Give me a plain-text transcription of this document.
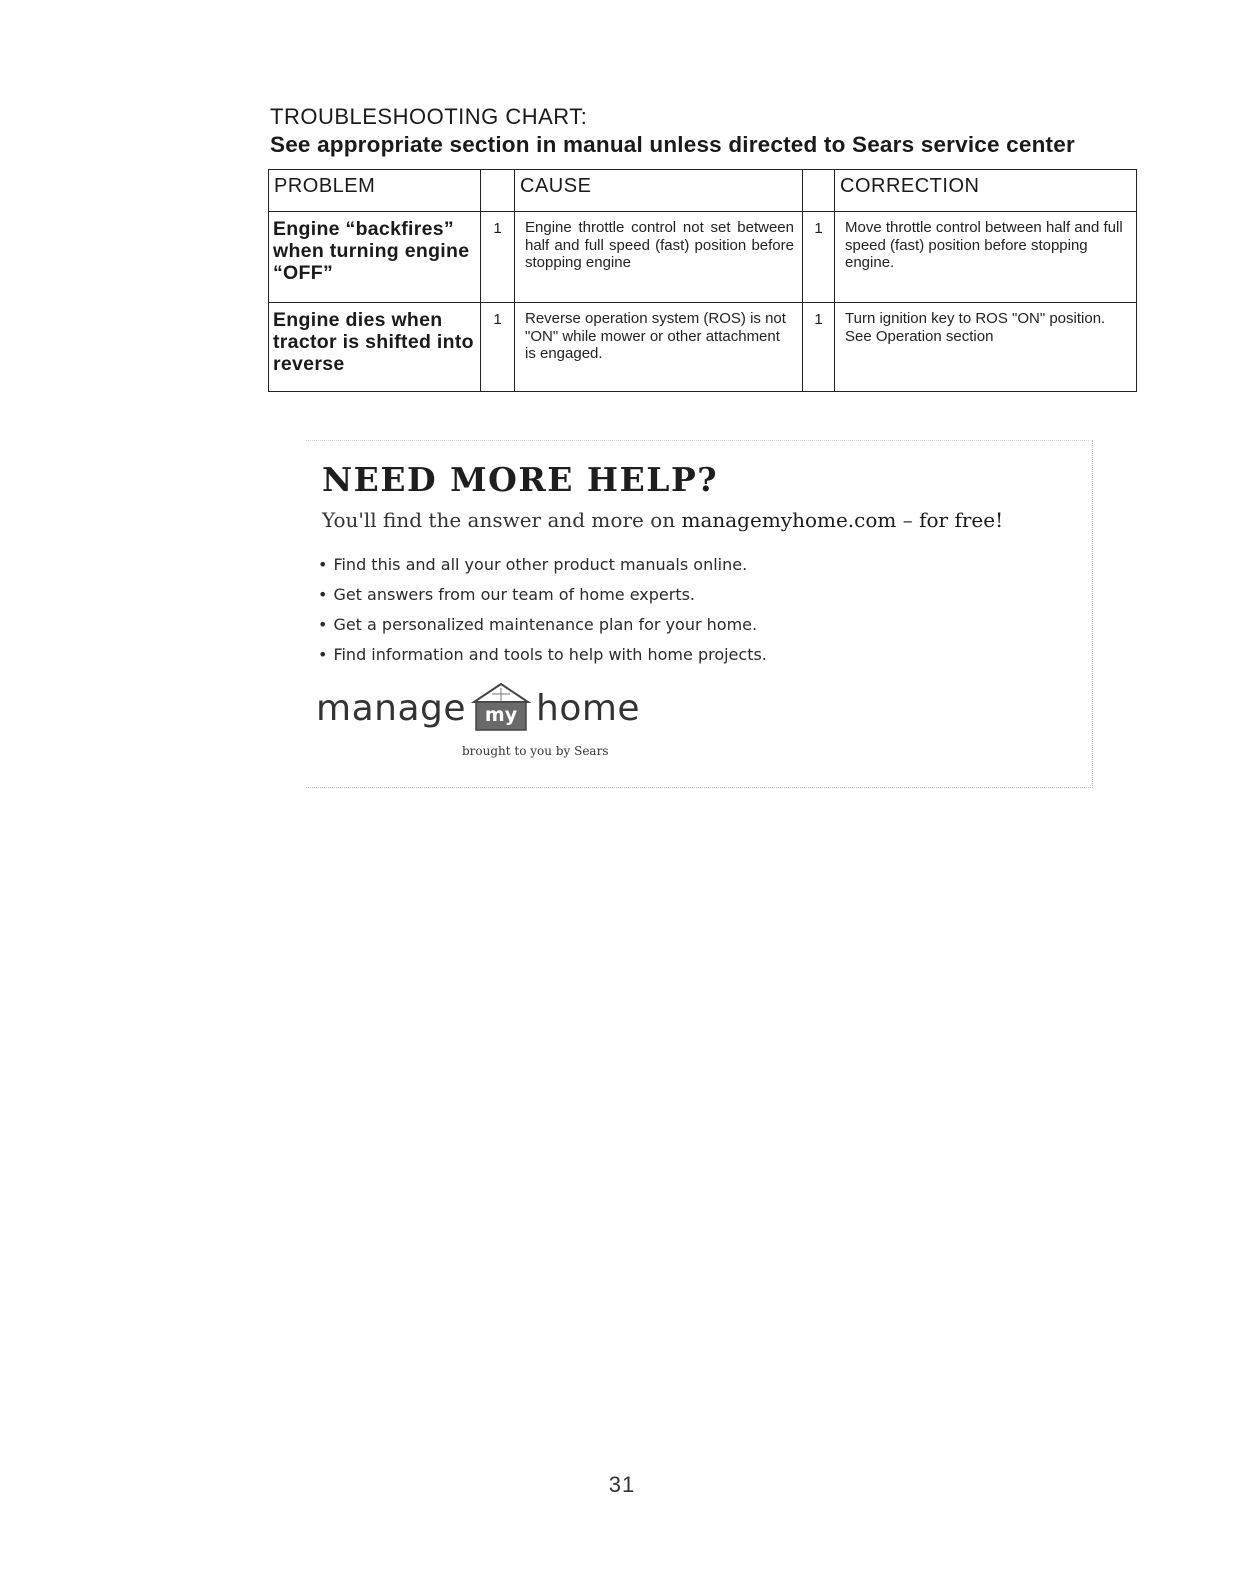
TROUBLESHOOTING CHART:
See appropriate section in manual unless directed to Sears service center
PROBLEM		CAUSE		CORRECTION
Engine “backfires” when turning engine “OFF”	1	Engine throttle control not set between half and full speed (fast) position before stopping engine	1	Move throttle control between half and full speed (fast) position before stopping engine.
Engine dies when tractor is shifted into reverse	1	Reverse operation system (ROS) is not "ON" while mower or other attachment is engaged.	1	Turn ignition key to ROS "ON" position. See Operation section
NEED MORE HELP?
You'll find the answer and more on managemyhome.com – for free!
• Find this and all your other product manuals online.
• Get answers from our team of home experts.
• Get a personalized maintenance plan for your home.
• Find information and tools to help with home projects.
manage my home
brought to you by Sears
31
